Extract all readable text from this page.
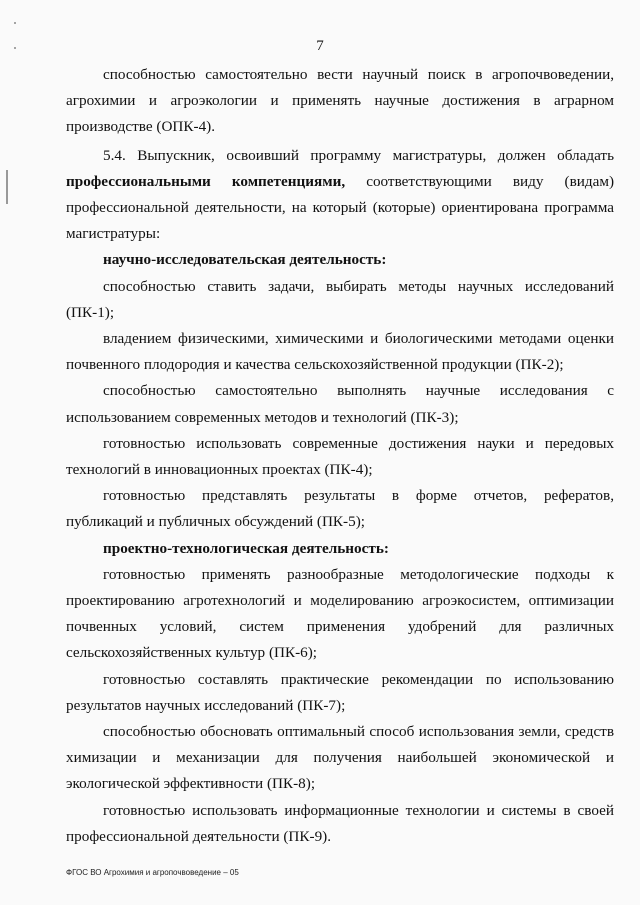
7

способностью самостоятельно вести научный поиск в агропочвоведении, агрохимии и агроэкологии и применять научные достижения в аграрном производстве (ОПК-4).

5.4. Выпускник, освоивший программу магистратуры, должен обладать профессиональными компетенциями, соответствующими виду (видам) профессиональной деятельности, на который (которые) ориентирована программа магистратуры:

научно-исследовательская деятельность:

способностью ставить задачи, выбирать методы научных исследований (ПК-1);

владением физическими, химическими и биологическими методами оценки почвенного плодородия и качества сельскохозяйственной продукции (ПК-2);

способностью самостоятельно выполнять научные исследования с использованием современных методов и технологий (ПК-3);

готовностью использовать современные достижения науки и передовых технологий в инновационных проектах (ПК-4);

готовностью представлять результаты в форме отчетов, рефератов, публикаций и публичных обсуждений (ПК-5);

проектно-технологическая деятельность:

готовностью применять разнообразные методологические подходы к проектированию агротехнологий и моделированию агроэкосистем, оптимизации почвенных условий, систем применения удобрений для различных сельскохозяйственных культур (ПК-6);

готовностью составлять практические рекомендации по использованию результатов научных исследований (ПК-7);

способностью обосновать оптимальный способ использования земли, средств химизации и механизации для получения наибольшей экономической и экологической эффективности (ПК-8);

готовностью использовать информационные технологии и системы в своей профессиональной деятельности (ПК-9).

ФГОС ВО Агрохимия и агропочвоведение – 05
